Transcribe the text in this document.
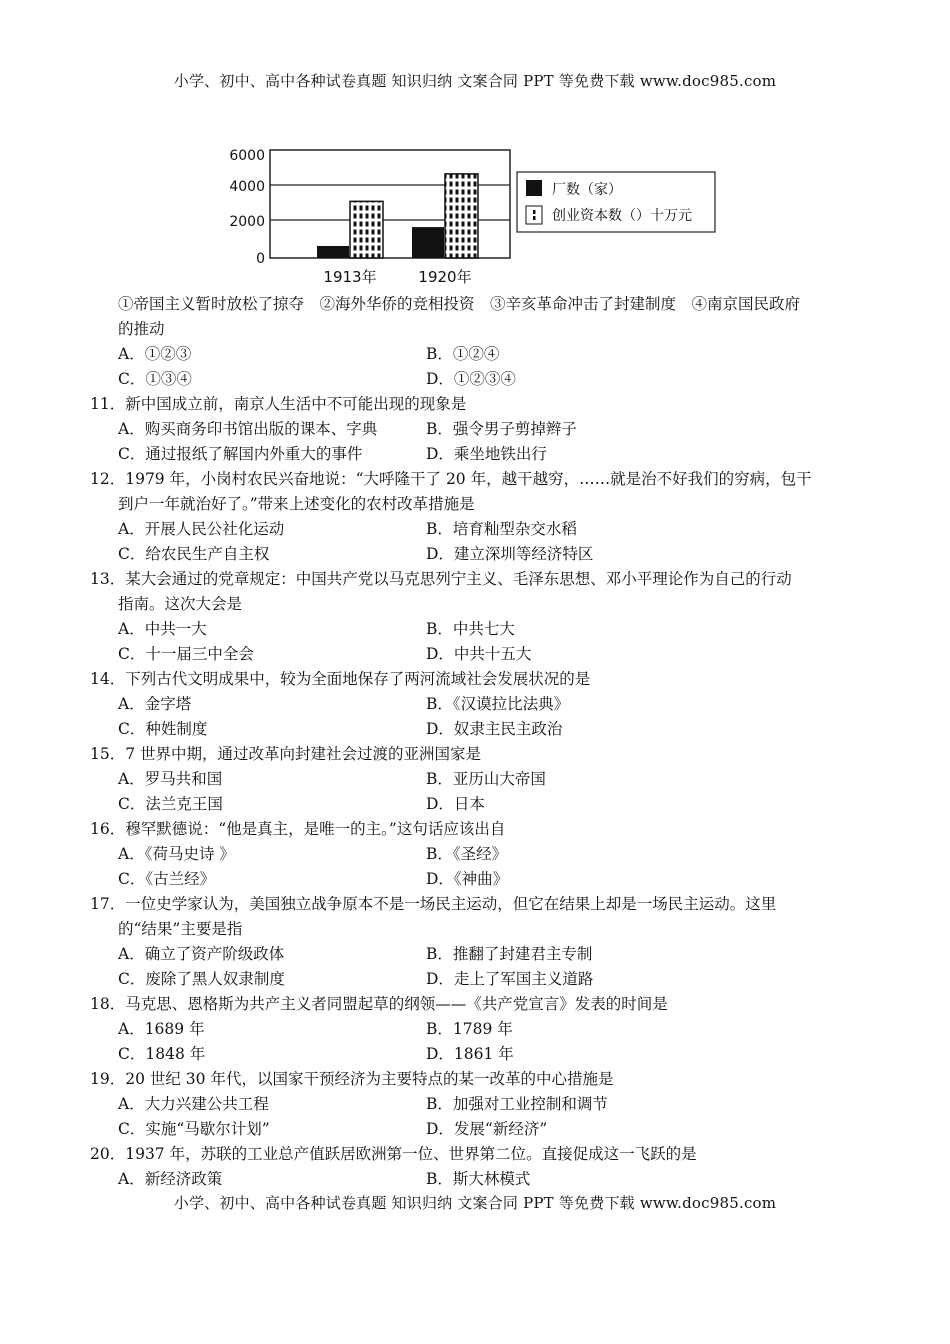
小学、初中、高中各种试卷真题 知识归纳 文案合同 PPT 等免费下载 www.doc985.com
6000
4000
2000
0
1913年	1920年
厂数（家）
创业资本数（）十万元
①帝国主义暂时放松了掠夺　②海外华侨的竞相投资　③辛亥革命冲击了封建制度　④南京国民政府
的推动
A．①②③	B．①②④
C．①③④	D．①②③④
11．新中国成立前，南京人生活中不可能出现的现象是
A．购买商务印书馆出版的课本、字典	B．强令男子剪掉辫子
C．通过报纸了解国内外重大的事件	D．乘坐地铁出行
12．1979 年，小岗村农民兴奋地说：“大呼隆干了 20 年，越干越穷，……就是治不好我们的穷病，包干
到户一年就治好了。”带来上述变化的农村改革措施是
A．开展人民公社化运动	B．培育籼型杂交水稻
C．给农民生产自主权	D．建立深圳等经济特区
13．某大会通过的党章规定：中国共产党以马克思列宁主义、毛泽东思想、邓小平理论作为自己的行动
指南。这次大会是
A．中共一大	B．中共七大
C．十一届三中全会	D．中共十五大
14．下列古代文明成果中，较为全面地保存了两河流域社会发展状况的是
A．金字塔	B．《汉谟拉比法典》
C．种姓制度	D．奴隶主民主政治
15．7 世界中期，通过改革向封建社会过渡的亚洲国家是
A．罗马共和国	B．亚历山大帝国
C．法兰克王国	D．日本
16．穆罕默德说：“他是真主，是唯一的主。”这句话应该出自
A．《荷马史诗 》	B．《圣经》
C．《古兰经》	D．《神曲》
17．一位史学家认为，美国独立战争原本不是一场民主运动，但它在结果上却是一场民主运动。这里
的“结果”主要是指
A．确立了资产阶级政体	B．推翻了封建君主专制
C．废除了黑人奴隶制度	D．走上了军国主义道路
18．马克思、恩格斯为共产主义者同盟起草的纲领——《共产党宣言》发表的时间是
A．1689 年	B．1789 年
C．1848 年	D．1861 年
19．20 世纪 30 年代，以国家干预经济为主要特点的某一改革的中心措施是
A．大力兴建公共工程	B．加强对工业控制和调节
C．实施“马歇尔计划”	D．发展“新经济”
20．1937 年，苏联的工业总产值跃居欧洲第一位、世界第二位。直接促成这一飞跃的是
A．新经济政策	B．斯大林模式
小学、初中、高中各种试卷真题 知识归纳 文案合同 PPT 等免费下载 www.doc985.com
